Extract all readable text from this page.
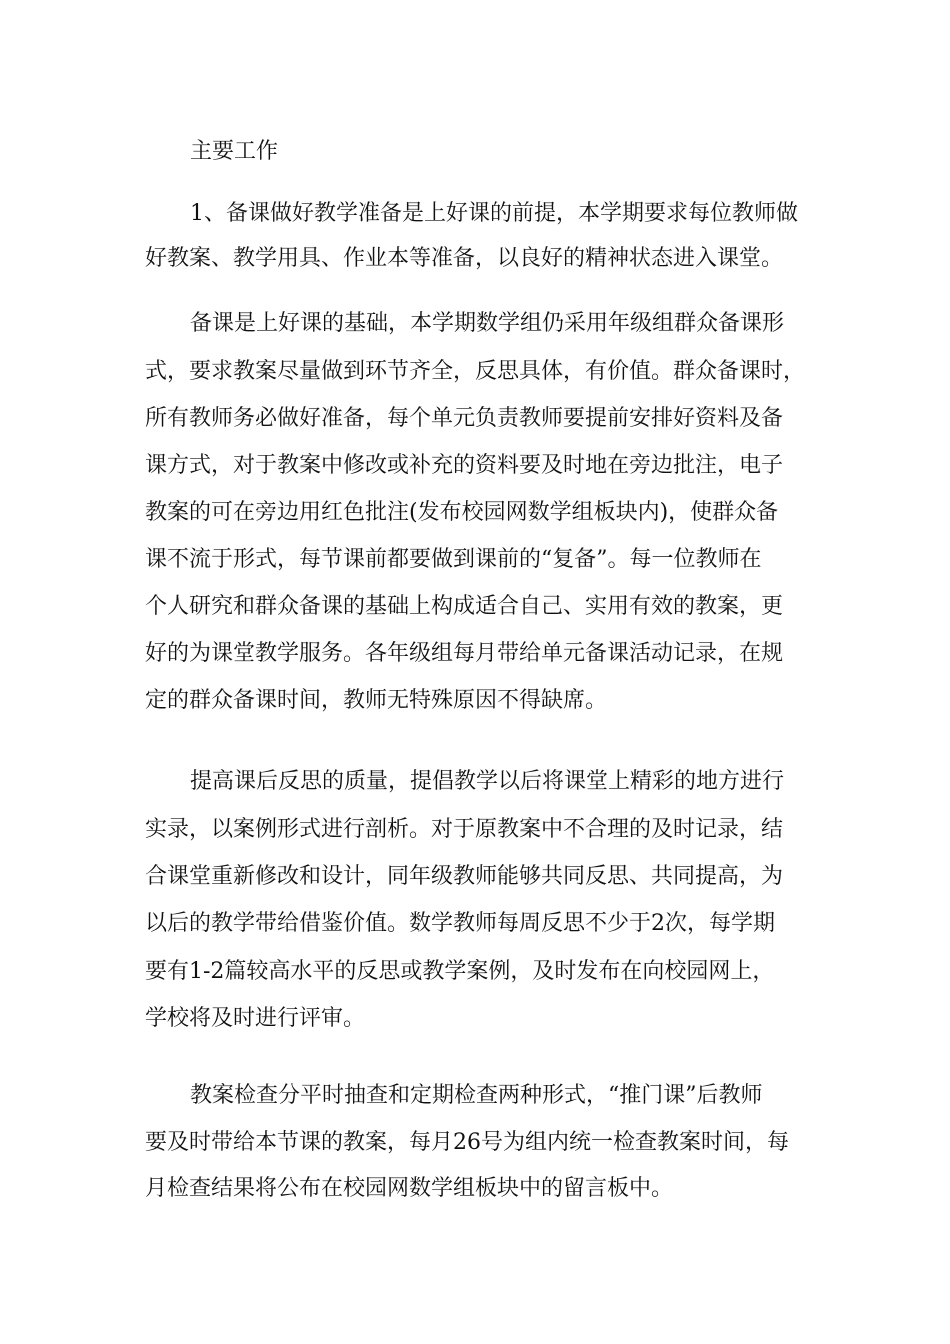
主要工作
1、备课做好教学准备是上好课的前提，本学期要求每位教师做
好教案、教学用具、作业本等准备，以良好的精神状态进入课堂。
备课是上好课的基础，本学期数学组仍采用年级组群众备课形
式，要求教案尽量做到环节齐全，反思具体，有价值。群众备课时，
所有教师务必做好准备，每个单元负责教师要提前安排好资料及备
课方式，对于教案中修改或补充的资料要及时地在旁边批注，电子
教案的可在旁边用红色批注(发布校园网数学组板块内)，使群众备
课不流于形式，每节课前都要做到课前的“复备”。每一位教师在
个人研究和群众备课的基础上构成适合自己、实用有效的教案，更
好的为课堂教学服务。各年级组每月带给单元备课活动记录，在规
定的群众备课时间，教师无特殊原因不得缺席。
提高课后反思的质量，提倡教学以后将课堂上精彩的地方进行
实录，以案例形式进行剖析。对于原教案中不合理的及时记录，结
合课堂重新修改和设计，同年级教师能够共同反思、共同提高，为
以后的教学带给借鉴价值。数学教师每周反思不少于2次，每学期
要有1-2篇较高水平的反思或教学案例，及时发布在向校园网上，
学校将及时进行评审。
教案检查分平时抽查和定期检查两种形式，“推门课”后教师
要及时带给本节课的教案，每月26号为组内统一检查教案时间，每
月检查结果将公布在校园网数学组板块中的留言板中。
